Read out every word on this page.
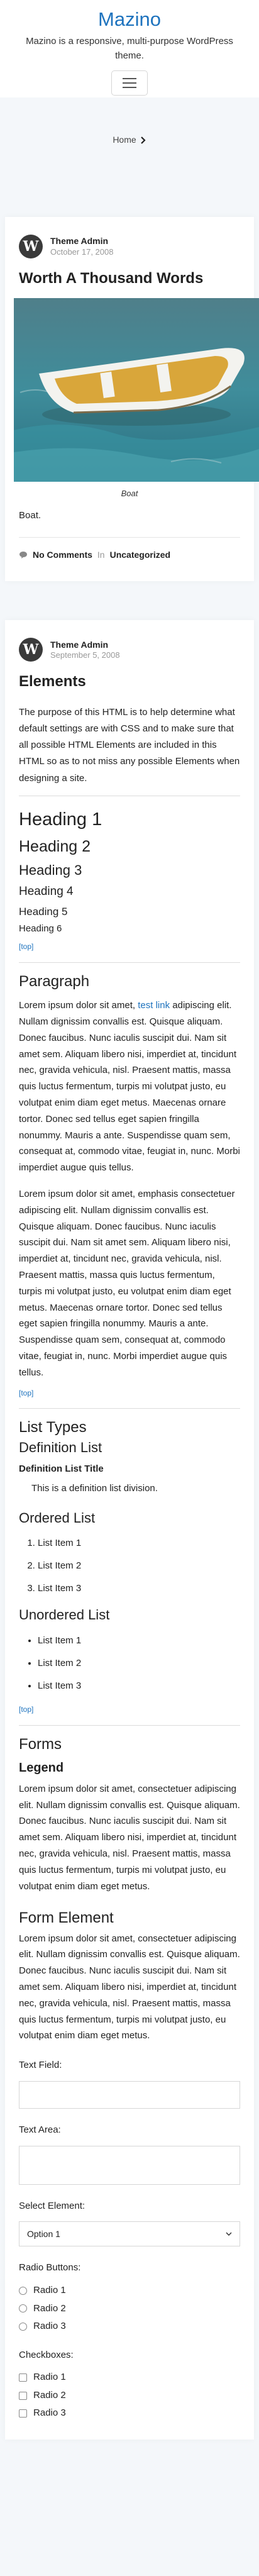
Mazino
Mazino is a responsive, multi-purpose WordPress theme.
Home
W	Theme Admin
October 17, 2008
Worth A Thousand Words
Boat
Boat.
No Comments In Uncategorized
W	Theme Admin
September 5, 2008
Elements

The purpose of this HTML is to help determine what default settings are with CSS and to make sure that all possible HTML Elements are included in this HTML so as to not miss any possible Elements when designing a site.

Heading 1
Heading 2
Heading 3
Heading 4
Heading 5
Heading 6
[top]
Paragraph

Lorem ipsum dolor sit amet, test link adipiscing elit. Nullam dignissim convallis est. Quisque aliquam. Donec faucibus. Nunc iaculis suscipit dui. Nam sit amet sem. Aliquam libero nisi, imperdiet at, tincidunt nec, gravida vehicula, nisl. Praesent mattis, massa quis luctus fermentum, turpis mi volutpat justo, eu volutpat enim diam eget metus. Maecenas ornare tortor. Donec sed tellus eget sapien fringilla nonummy. Mauris a ante. Suspendisse quam sem, consequat at, commodo vitae, feugiat in, nunc. Morbi imperdiet augue quis tellus.

Lorem ipsum dolor sit amet, emphasis consectetuer adipiscing elit. Nullam dignissim convallis est. Quisque aliquam. Donec faucibus. Nunc iaculis suscipit dui. Nam sit amet sem. Aliquam libero nisi, imperdiet at, tincidunt nec, gravida vehicula, nisl. Praesent mattis, massa quis luctus fermentum, turpis mi volutpat justo, eu volutpat enim diam eget metus. Maecenas ornare tortor. Donec sed tellus eget sapien fringilla nonummy. Mauris a ante. Suspendisse quam sem, consequat at, commodo vitae, feugiat in, nunc. Morbi imperdiet augue quis tellus.

[top]
List Types
Definition List
Definition List Title
This is a definition list division.
Ordered List
1. List Item 1
2. List Item 2
3. List Item 3
Unordered List
• List Item 1
• List Item 2
• List Item 3
[top]
Forms
Legend

Lorem ipsum dolor sit amet, consectetuer adipiscing elit. Nullam dignissim convallis est. Quisque aliquam. Donec faucibus. Nunc iaculis suscipit dui. Nam sit amet sem. Aliquam libero nisi, imperdiet at, tincidunt nec, gravida vehicula, nisl. Praesent mattis, massa quis luctus fermentum, turpis mi volutpat justo, eu volutpat enim diam eget metus.

Form Element

Lorem ipsum dolor sit amet, consectetuer adipiscing elit. Nullam dignissim convallis est. Quisque aliquam. Donec faucibus. Nunc iaculis suscipit dui. Nam sit amet sem. Aliquam libero nisi, imperdiet at, tincidunt nec, gravida vehicula, nisl. Praesent mattis, massa quis luctus fermentum, turpis mi volutpat justo, eu volutpat enim diam eget metus.

Text Field:
Text Area:
Select Element:
Option 1
Radio Buttons:
Radio 1
Radio 2
Radio 3
Checkboxes:
Radio 1
Radio 2
Radio 3
